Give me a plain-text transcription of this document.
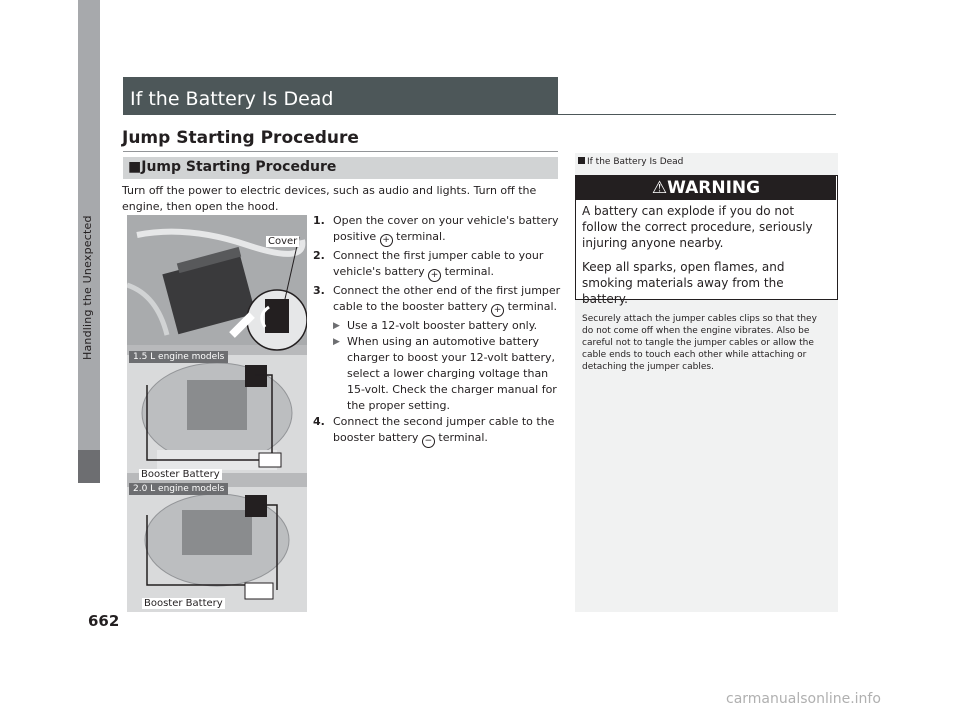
Handling the Unexpected
If the Battery Is Dead
Jump Starting Procedure
■Jump Starting Procedure
Turn off the power to electric devices, such as audio and lights. Turn off the engine, then open the hood.
1. Open the cover on your vehicle's battery positive + terminal.
2. Connect the first jumper cable to your vehicle's battery + terminal.
3. Connect the other end of the first jumper cable to the booster battery + terminal.
▶ Use a 12-volt booster battery only.
▶ When using an automotive battery charger to boost your 12-volt battery, select a lower charging voltage than 15-volt. Check the charger manual for the proper setting.
4. Connect the second jumper cable to the booster battery − terminal.
Cover
1.5 L engine models
Booster Battery
2.0 L engine models
Booster Battery
If the Battery Is Dead
⚠WARNING

A battery can explode if you do not follow the correct procedure, seriously injuring anyone nearby.

Keep all sparks, open flames, and smoking materials away from the battery.

Securely attach the jumper cables clips so that they do not come off when the engine vibrates. Also be careful not to tangle the jumper cables or allow the cable ends to touch each other while attaching or detaching the jumper cables.
662
carmanualsonline.info
